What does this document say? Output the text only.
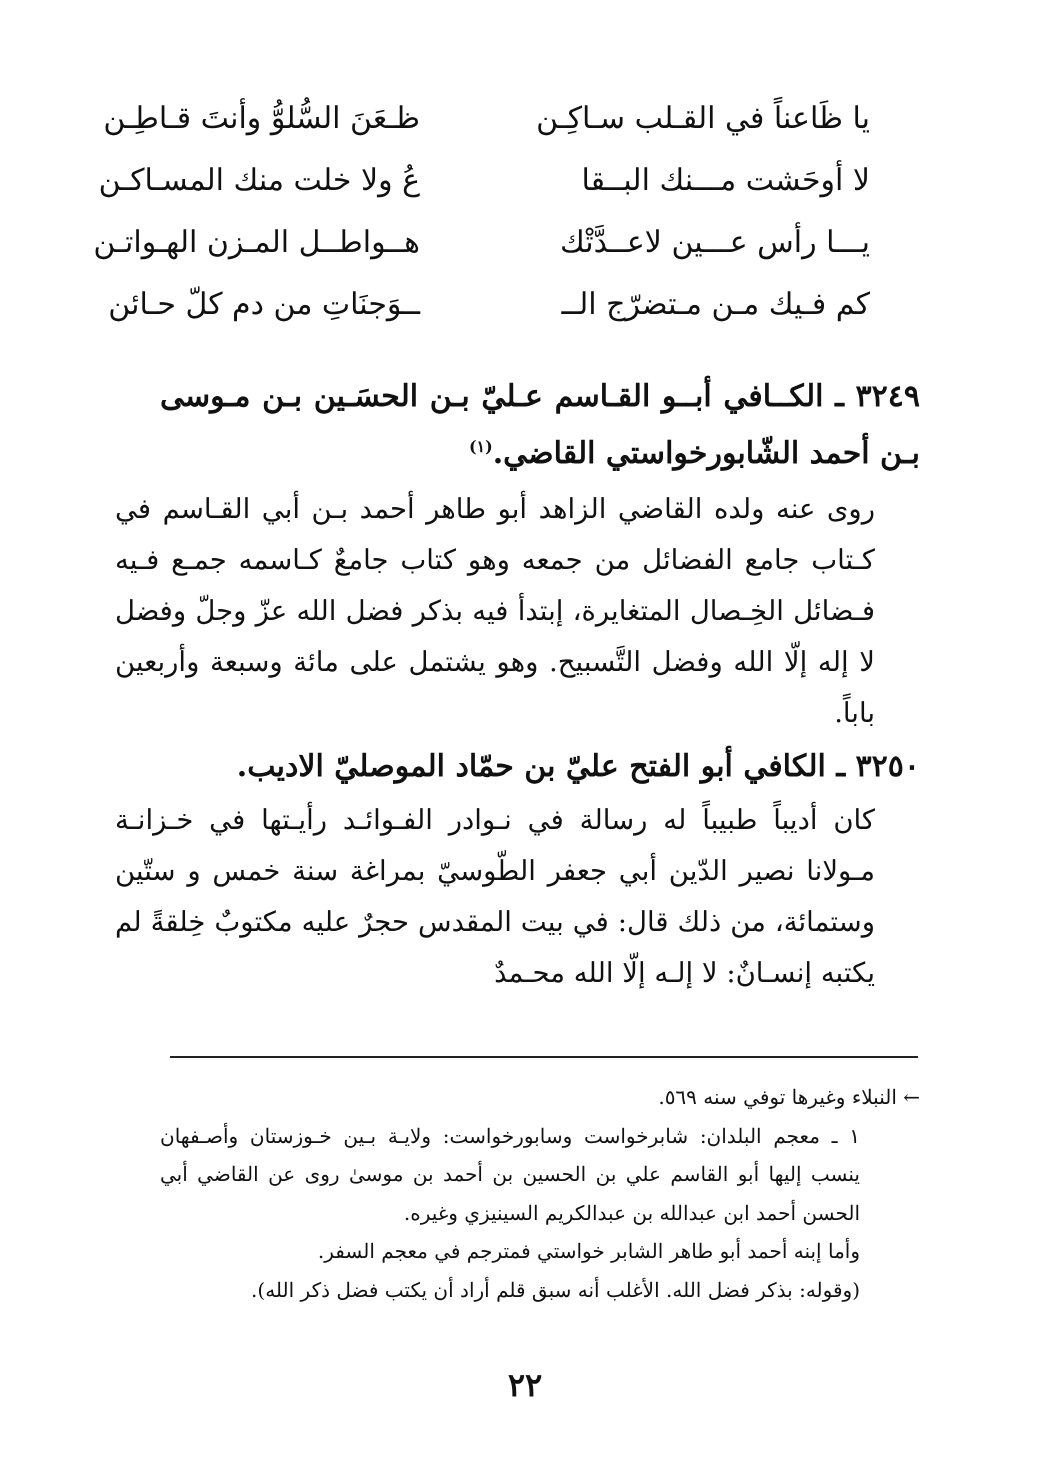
يا ظَاعناً في القـلب سـاكِـن
ظـعَنَ السُّلوُّ وأنتَ قـاطِـن
لا أوحَشت مـــنك البــقا
عُ ولا خلت منك المسـاكـن
يـــا رأس عـــين لاعــدَّتْك
هــواطــل المـزن الهـواتـن
كم فـيك مـن مـتضرّج الــ
ــوَجنَاتِ من دم كلّ حـائن
٣٢٤٩ ـ الكــافي أبــو القـاسم عـليّ بـن الحسَـين بـن مـوسى بـن أحمد الشّابورخواستي القاضي.$^{(١)}$
روى عنه ولده القاضي الزاهد أبو طاهر أحمد بـن أبي القـاسم في كـتاب جامع الفضائل من جمعه وهو كتاب جامعٌ كـاسمه جمـع فـيه فـضائل الخِـصال المتغايرة، إبتدأ فيه بذكر فضل الله عزّ وجلّ وفضل لا إله إلّا الله وفضل التَّسبيح. وهو يشتمل على مائة وسبعة وأربعين باباً.
٣٢٥٠ ـ الكافي أبو الفتح عليّ بن حمّاد الموصليّ الاديب.
كان أديباً طبيباً له رسالة في نـوادر الفـوائـد رأيـتها في خـزانـة مـولانا نصير الدّين أبي جعفر الطّوسيّ بمراغة سنة خمس و ستّين وستمائة، من ذلك قال: في بيت المقدس حجرٌ عليه مكتوبٌ خِلقةً لم يكتبه إنسـانٌ: لا إلـه إلّا الله محـمدٌ

← النبلاء وغيرها توفي سنه ٥٦٩.

١ ـ معجم البلدان: شابرخواست وسابورخواست: ولايـة بـين خـوزستان وأصـفهان ينسب إليها أبو القاسم علي بن الحسين بن أحمد بن موسىٰ روى عن القاضي أبي الحسن أحمد ابن عبدالله بن عبدالكريم السينيزي وغيره.

وأما إبنه أحمد أبو طاهر الشابر خواستي فمترجم في معجم السفر.

(وقوله: بذكر فضل الله. الأغلب أنه سبق قلم أراد أن يكتب فضل ذكر الله).

٢٢
